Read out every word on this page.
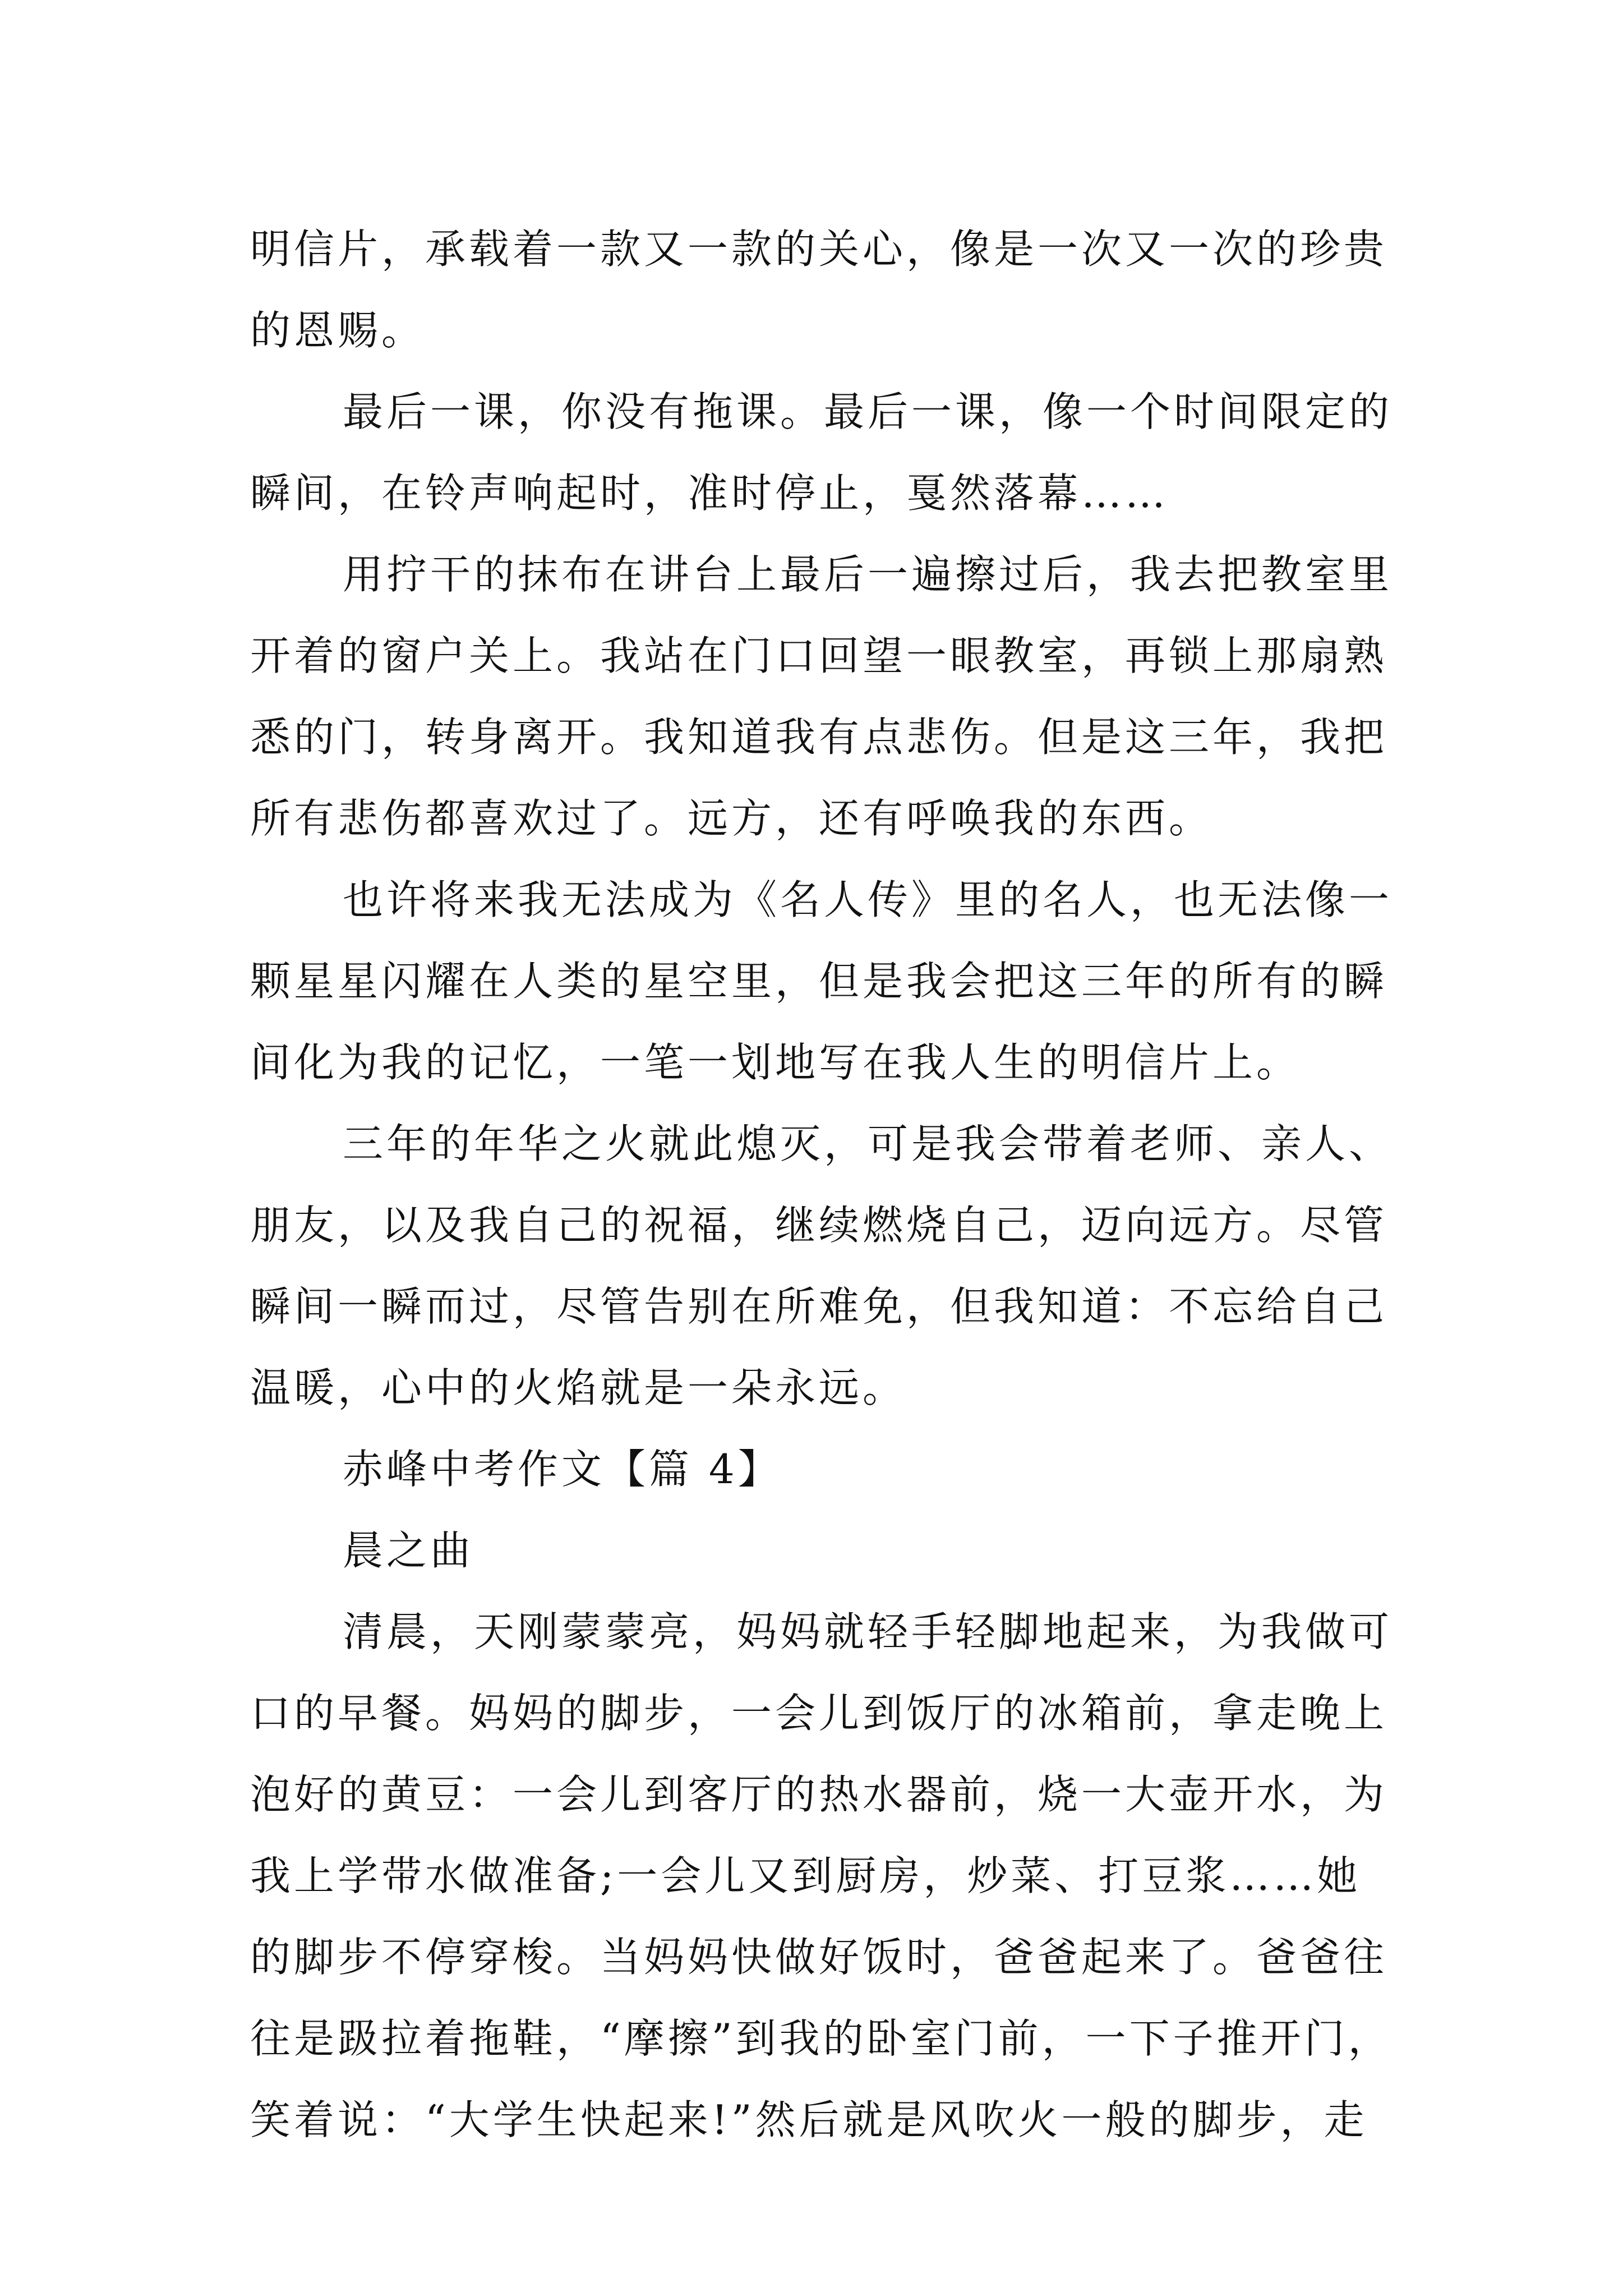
明信片，承载着一款又一款的关心，像是一次又一次的珍贵
的恩赐。
最后一课，你没有拖课。最后一课，像一个时间限定的
瞬间，在铃声响起时，准时停止，戛然落幕……
用拧干的抹布在讲台上最后一遍擦过后，我去把教室里
开着的窗户关上。我站在门口回望一眼教室，再锁上那扇熟
悉的门，转身离开。我知道我有点悲伤。但是这三年，我把
所有悲伤都喜欢过了。远方，还有呼唤我的东西。
也许将来我无法成为《名人传》里的名人，也无法像一
颗星星闪耀在人类的星空里，但是我会把这三年的所有的瞬
间化为我的记忆，一笔一划地写在我人生的明信片上。
三年的年华之火就此熄灭，可是我会带着老师、亲人、
朋友，以及我自己的祝福，继续燃烧自己，迈向远方。尽管
瞬间一瞬而过，尽管告别在所难免，但我知道：不忘给自己
温暖，心中的火焰就是一朵永远。
赤峰中考作文【篇 4】
晨之曲
清晨，天刚蒙蒙亮，妈妈就轻手轻脚地起来，为我做可
口的早餐。妈妈的脚步，一会儿到饭厅的冰箱前，拿走晚上
泡好的黄豆：一会儿到客厅的热水器前，烧一大壶开水，为
我上学带水做准备;一会儿又到厨房，炒菜、打豆浆……她
的脚步不停穿梭。当妈妈快做好饭时，爸爸起来了。爸爸往
往是趿拉着拖鞋，“摩擦”到我的卧室门前，一下子推开门，
笑着说：“大学生快起来!”然后就是风吹火一般的脚步，走
